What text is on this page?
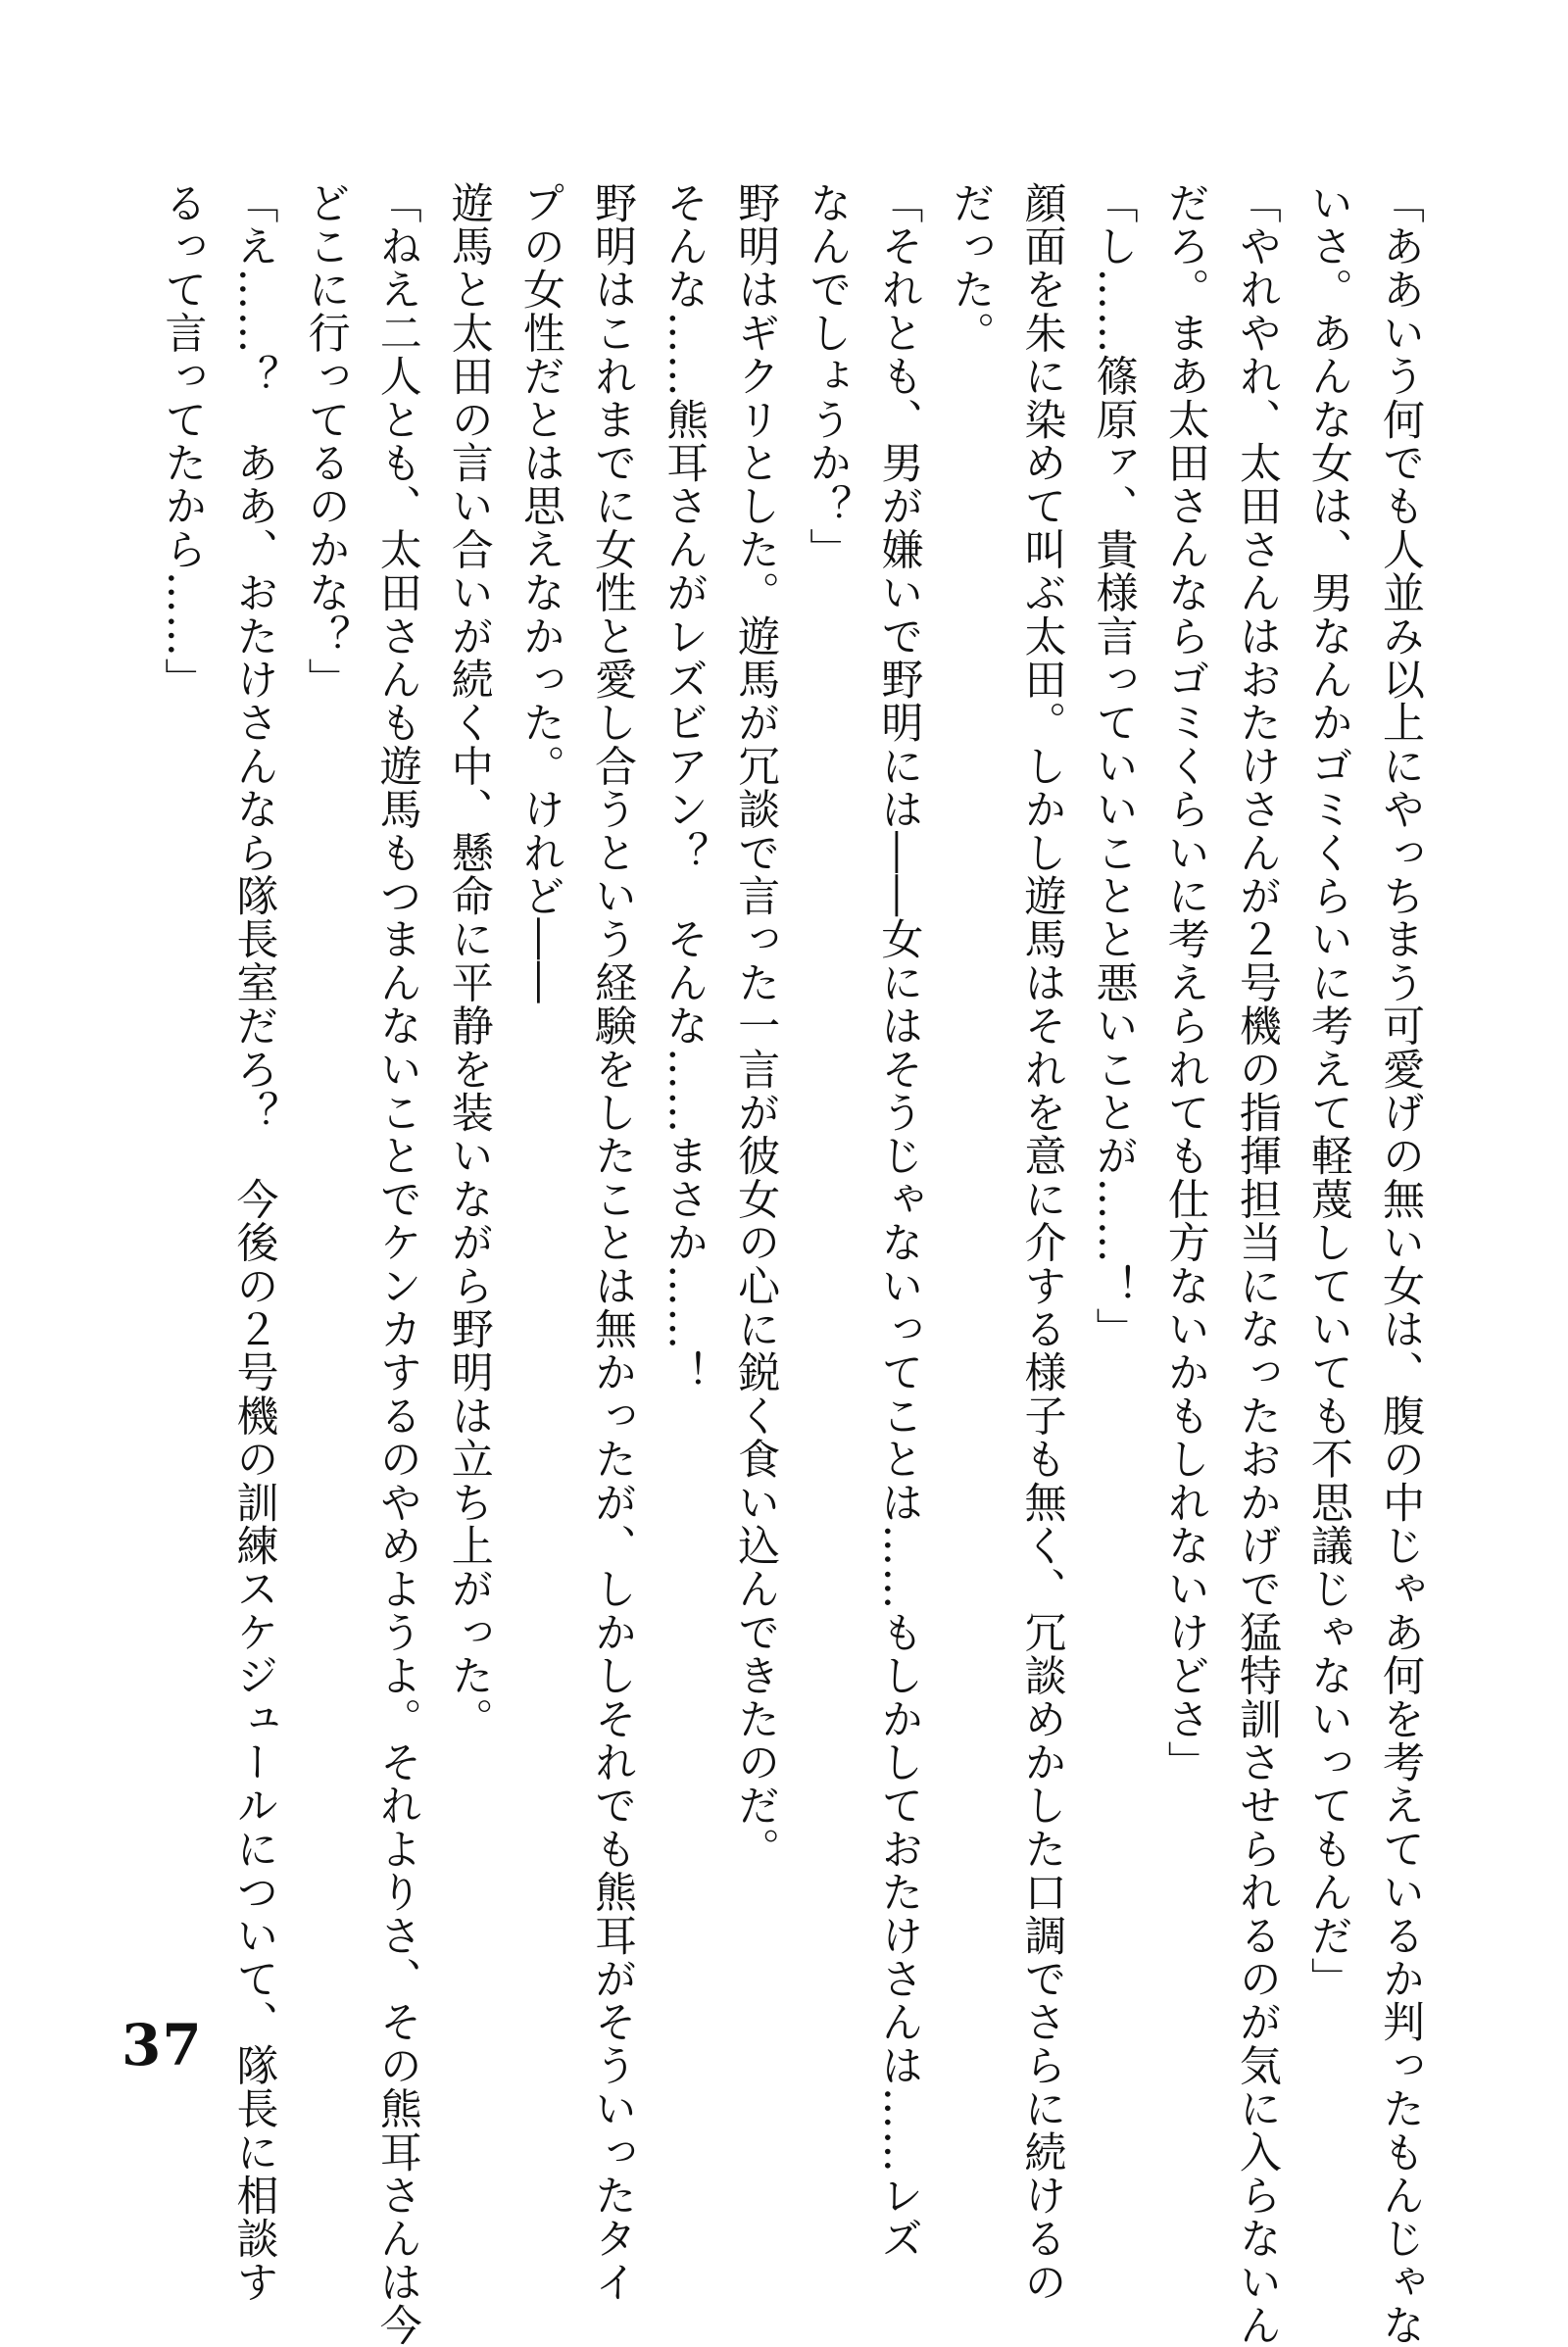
「ああいう何でも人並み以上にやっちまう可愛げの無い女は、腹の中じゃあ何を考えているか判ったもんじゃな
いさ。あんな女は、男なんかゴミくらいに考えて軽蔑していても不思議じゃないってもんだ」
「やれやれ、太田さんはおたけさんが２号機の指揮担当になったおかげで猛特訓させられるのが気に入らないん
だろ。まあ太田さんならゴミくらいに考えられても仕方ないかもしれないけどさ」
「し……篠原ァ、貴様言っていいことと悪いことが……！」
顔面を朱に染めて叫ぶ太田。しかし遊馬はそれを意に介する様子も無く、冗談めかした口調でさらに続けるの
だった。
「それとも、男が嫌いで野明には――女にはそうじゃないってことは……もしかしておたけさんは……レズ
なんでしょうか？」
野明はギクリとした。遊馬が冗談で言った一言が彼女の心に鋭く食い込んできたのだ。
そんな……熊耳さんがレズビアン？　そんな……まさか……！
野明はこれまでに女性と愛し合うという経験をしたことは無かったが、しかしそれでも熊耳がそういったタイ
プの女性だとは思えなかった。けれど――
遊馬と太田の言い合いが続く中、懸命に平静を装いながら野明は立ち上がった。
「ねえ二人とも、太田さんも遊馬もつまんないことでケンカするのやめようよ。それよりさ、その熊耳さんは今
どこに行ってるのかな？」
「え……？　ああ、おたけさんなら隊長室だろ？　今後の２号機の訓練スケジュールについて、隊長に相談す
るって言ってたから……」
37
